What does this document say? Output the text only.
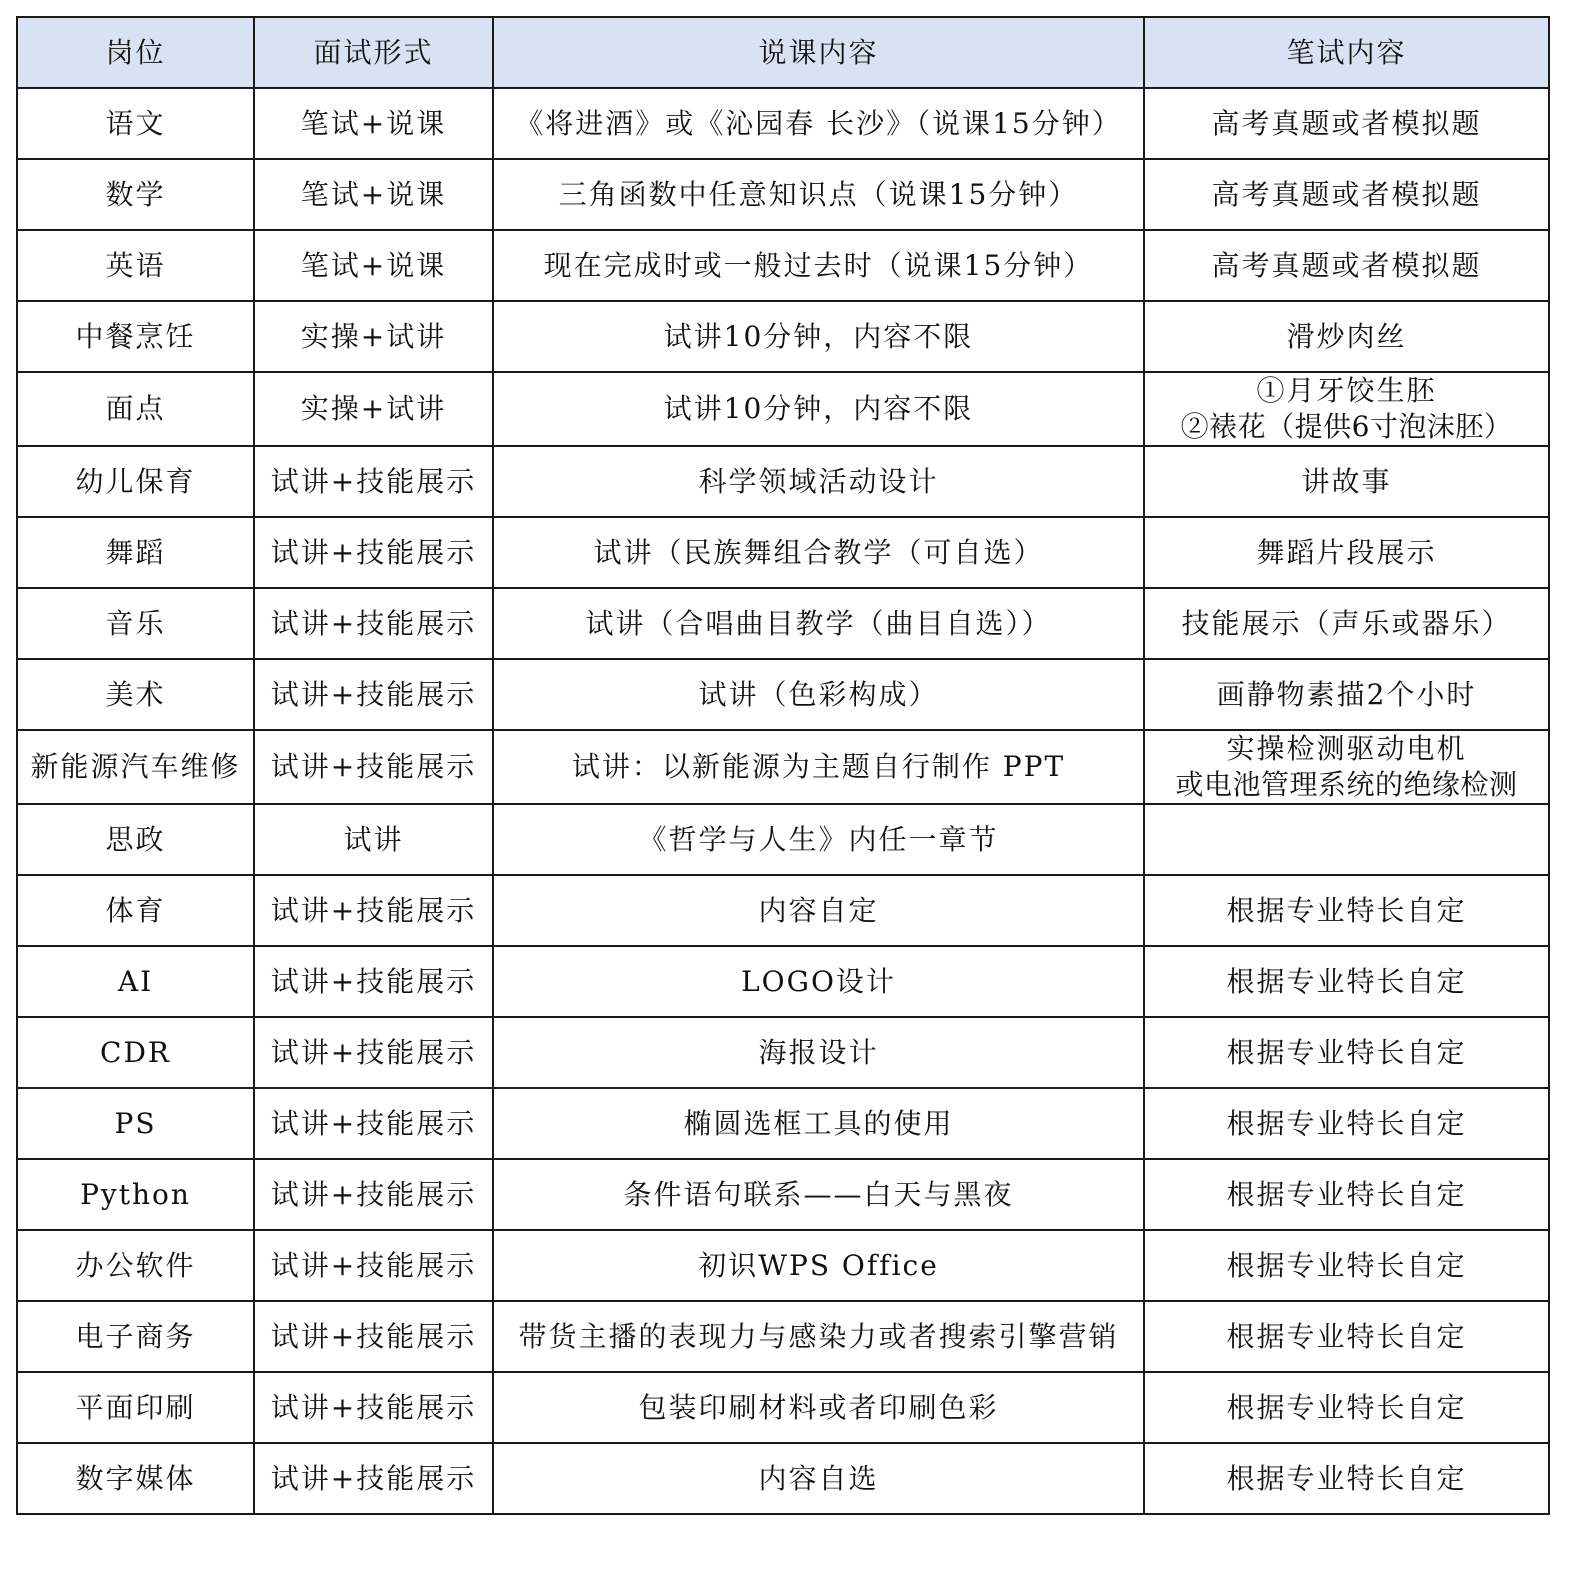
岗位	面试形式	说课内容	笔试内容
语文	笔试+说课	《将进酒》或《沁园春 长沙》（说课15分钟）	高考真题或者模拟题

数学	笔试+说课	三角函数中任意知识点（说课15分钟）	高考真题或者模拟题

英语	笔试+说课	现在完成时或一般过去时（说课15分钟）	高考真题或者模拟题

中餐烹饪	实操+试讲	试讲10分钟，内容不限	滑炒肉丝

面点	实操+试讲	试讲10分钟，内容不限	①月牙饺生胚
②裱花（提供6寸泡沫胚）

幼儿保育	试讲+技能展示	科学领域活动设计	讲故事

舞蹈	试讲+技能展示	试讲（民族舞组合教学（可自选）	舞蹈片段展示

音乐	试讲+技能展示	试讲（合唱曲目教学（曲目自选））	技能展示（声乐或器乐）

美术	试讲+技能展示	试讲（色彩构成）	画静物素描2个小时

新能源汽车维修	试讲+技能展示	试讲：以新能源为主题自行制作 PPT	实操检测驱动电机
或电池管理系统的绝缘检测

思政	试讲	《哲学与人生》内任一章节	

体育	试讲+技能展示	内容自定	根据专业特长自定

AI	试讲+技能展示	LOGO设计	根据专业特长自定

CDR	试讲+技能展示	海报设计	根据专业特长自定

PS	试讲+技能展示	椭圆选框工具的使用	根据专业特长自定

Python	试讲+技能展示	条件语句联系——白天与黑夜	根据专业特长自定

办公软件	试讲+技能展示	初识WPS Office	根据专业特长自定

电子商务	试讲+技能展示	带货主播的表现力与感染力或者搜索引擎营销	根据专业特长自定

平面印刷	试讲+技能展示	包装印刷材料或者印刷色彩	根据专业特长自定

数字媒体	试讲+技能展示	内容自选	根据专业特长自定
